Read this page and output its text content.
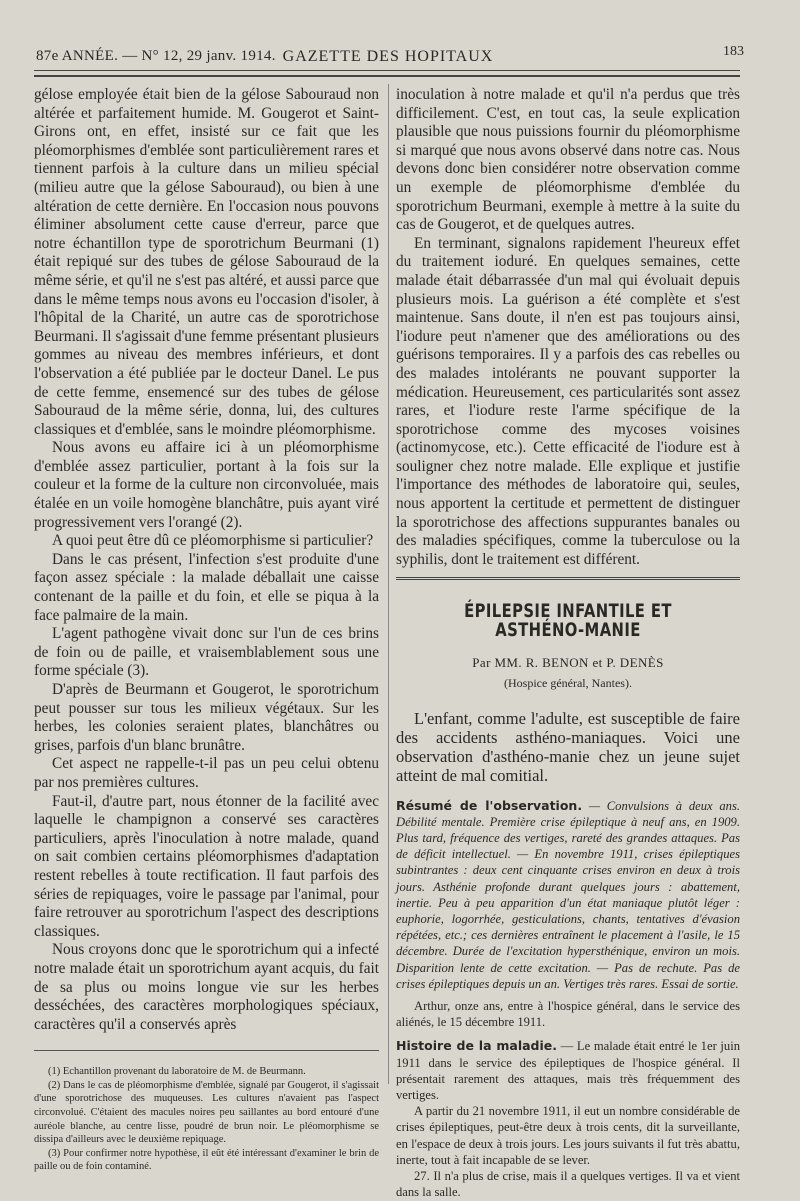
87e ANNÉE. — N° 12, 29 janv. 1914. GAZETTE DES HOPITAUX	183

gélose employée était bien de la gélose Sabouraud non altérée et parfaitement humide. M. Gougerot et Saint-Girons ont, en effet, insisté sur ce fait que les pléomorphismes d'emblée sont particulièrement rares et tiennent parfois à la culture dans un milieu spécial (milieu autre que la gélose Sabouraud), ou bien à une altération de cette dernière. En l'occasion nous pouvons éliminer absolument cette cause d'erreur, parce que notre échantillon type de sporotrichum Beurmani (1) était repiqué sur des tubes de gélose Sabouraud de la même série, et qu'il ne s'est pas altéré, et aussi parce que dans le même temps nous avons eu l'occasion d'isoler, à l'hôpital de la Charité, un autre cas de sporotrichose Beurmani. Il s'agissait d'une femme présentant plusieurs gommes au niveau des membres inférieurs, et dont l'observation a été publiée par le docteur Danel. Le pus de cette femme, ensemencé sur des tubes de gélose Sabouraud de la même série, donna, lui, des cultures classiques et d'emblée, sans le moindre pléomorphisme.

Nous avons eu affaire ici à un pléomorphisme d'emblée assez particulier, portant à la fois sur la couleur et la forme de la culture non circonvoluée, mais étalée en un voile homogène blanchâtre, puis ayant viré progressivement vers l'orangé (2).

A quoi peut être dû ce pléomorphisme si particulier?

Dans le cas présent, l'infection s'est produite d'une façon assez spéciale : la malade déballait une caisse contenant de la paille et du foin, et elle se piqua à la face palmaire de la main.

L'agent pathogène vivait donc sur l'un de ces brins de foin ou de paille, et vraisemblablement sous une forme spéciale (3).

D'après de Beurmann et Gougerot, le sporotrichum peut pousser sur tous les milieux végétaux. Sur les herbes, les colonies seraient plates, blanchâtres ou grises, parfois d'un blanc brunâtre.

Cet aspect ne rappelle-t-il pas un peu celui obtenu par nos premières cultures.

Faut-il, d'autre part, nous étonner de la facilité avec laquelle le champignon a conservé ses caractères particuliers, après l'inoculation à notre malade, quand on sait combien certains pléomorphismes d'adaptation restent rebelles à toute rectification. Il faut parfois des séries de repiquages, voire le passage par l'animal, pour faire retrouver au sporotrichum l'aspect des descriptions classiques.

Nous croyons donc que le sporotrichum qui a infecté notre malade était un sporotrichum ayant acquis, du fait de sa plus ou moins longue vie sur les herbes desséchées, des caractères morphologiques spéciaux, caractères qu'il a conservés après

(1) Echantillon provenant du laboratoire de M. de Beurmann.

(2) Dans le cas de pléomorphisme d'emblée, signalé par Gougerot, il s'agissait d'une sporotrichose des muqueuses. Les cultures n'avaient pas l'aspect circonvolué. C'étaient des macules noires peu saillantes au bord entouré d'une auréole blanche, au centre lisse, poudré de brun noir. Le pléomorphisme se dissipa d'ailleurs avec le deuxième repiquage.

(3) Pour confirmer notre hypothèse, il eût été intéressant d'examiner le brin de paille ou de foin contaminé.

inoculation à notre malade et qu'il n'a perdus que très difficilement. C'est, en tout cas, la seule explication plausible que nous puissions fournir du pléomorphisme si marqué que nous avons observé dans notre cas. Nous devons donc bien considérer notre observation comme un exemple de pléomorphisme d'emblée du sporotrichum Beurmani, exemple à mettre à la suite du cas de Gougerot, et de quelques autres.

En terminant, signalons rapidement l'heureux effet du traitement ioduré. En quelques semaines, cette malade était débarrassée d'un mal qui évoluait depuis plusieurs mois. La guérison a été complète et s'est maintenue. Sans doute, il n'en est pas toujours ainsi, l'iodure peut n'amener que des améliorations ou des guérisons temporaires. Il y a parfois des cas rebelles ou des malades intolérants ne pouvant supporter la médication. Heureusement, ces particularités sont assez rares, et l'iodure reste l'arme spécifique de la sporotrichose comme des mycoses voisines (actinomycose, etc.). Cette efficacité de l'iodure est à souligner chez notre malade. Elle explique et justifie l'importance des méthodes de laboratoire qui, seules, nous apportent la certitude et permettent de distinguer la sporotrichose des affections suppurantes banales ou des maladies spécifiques, comme la tuberculose ou la syphilis, dont le traitement est différent.

ÉPILEPSIE INFANTILE ET ASTHÉNO-MANIE
Par MM. R. BENON et P. DENÈS
(Hospice général, Nantes).

L'enfant, comme l'adulte, est susceptible de faire des accidents asthéno-maniaques. Voici une observation d'asthéno-manie chez un jeune sujet atteint de mal comitial.

Résumé de l'observation. — Convulsions à deux ans. Débilité mentale. Première crise épileptique à neuf ans, en 1909. Plus tard, fréquence des vertiges, rareté des grandes attaques. Pas de déficit intellectuel. — En novembre 1911, crises épileptiques subintrantes : deux cent cinquante crises environ en deux à trois jours. Asthénie profonde durant quelques jours : abattement, inertie. Peu à peu apparition d'un état maniaque plutôt léger : euphorie, logorrhée, gesticulations, chants, tentatives d'évasion répétées, etc.; ces dernières entraînent le placement à l'asile, le 15 décembre. Durée de l'excitation hypersthénique, environ un mois. Disparition lente de cette excitation. — Pas de rechute. Pas de crises épileptiques depuis un an. Vertiges très rares. Essai de sortie.

Arthur, onze ans, entre à l'hospice général, dans le service des aliénés, le 15 décembre 1911.

Histoire de la maladie. — Le malade était entré le 1er juin 1911 dans le service des épileptiques de l'hospice général. Il présentait rarement des attaques, mais très fréquemment des vertiges.

A partir du 21 novembre 1911, il eut un nombre considérable de crises épileptiques, peut-être deux à trois cents, dit la surveillante, en l'espace de deux à trois jours. Les jours suivants il fut très abattu, inerte, tout à fait incapable de se lever.

27. Il n'a plus de crise, mais il a quelques vertiges. Il va et vient dans la salle.
